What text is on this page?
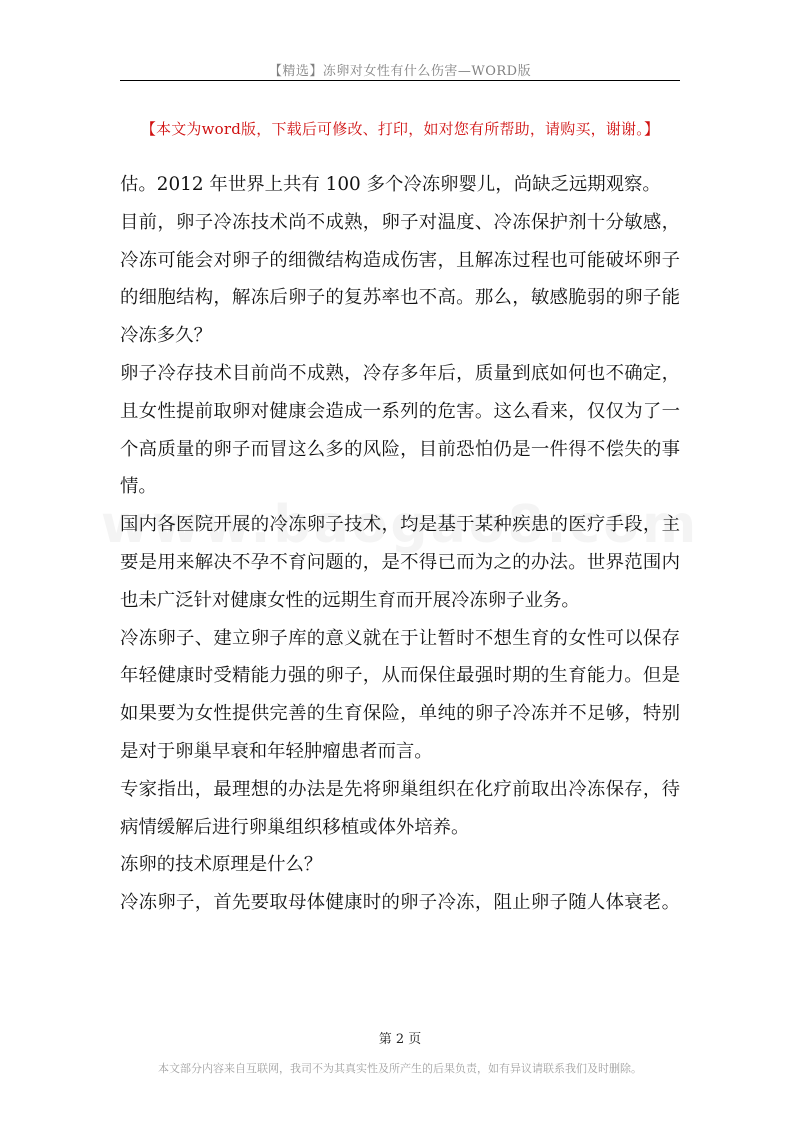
【精选】冻卵对女性有什么伤害—WORD版
【本文为word版，下载后可修改、打印，如对您有所帮助，请购买，谢谢。】
估。2012 年世界上共有 100 多个冷冻卵婴儿，尚缺乏远期观察。
目前，卵子冷冻技术尚不成熟，卵子对温度、冷冻保护剂十分敏感，
冷冻可能会对卵子的细微结构造成伤害，且解冻过程也可能破坏卵子
的细胞结构，解冻后卵子的复苏率也不高。那么，敏感脆弱的卵子能
冷冻多久？
卵子冷存技术目前尚不成熟，冷存多年后，质量到底如何也不确定，
且女性提前取卵对健康会造成一系列的危害。这么看来，仅仅为了一
个高质量的卵子而冒这么多的风险，目前恐怕仍是一件得不偿失的事
情。
国内各医院开展的冷冻卵子技术，均是基于某种疾患的医疗手段，主
要是用来解决不孕不育问题的，是不得已而为之的办法。世界范围内
也未广泛针对健康女性的远期生育而开展冷冻卵子业务。
冷冻卵子、建立卵子库的意义就在于让暂时不想生育的女性可以保存
年轻健康时受精能力强的卵子，从而保住最强时期的生育能力。但是
如果要为女性提供完善的生育保险，单纯的卵子冷冻并不足够，特别
是对于卵巢早衰和年轻肿瘤患者而言。
专家指出，最理想的办法是先将卵巢组织在化疗前取出冷冻保存，待
病情缓解后进行卵巢组织移植或体外培养。
冻卵的技术原理是什么？
冷冻卵子，首先要取母体健康时的卵子冷冻，阻止卵子随人体衰老。
第 2 页
本文部分内容来自互联网，我司不为其真实性及所产生的后果负责，如有异议请联系我们及时删除。
